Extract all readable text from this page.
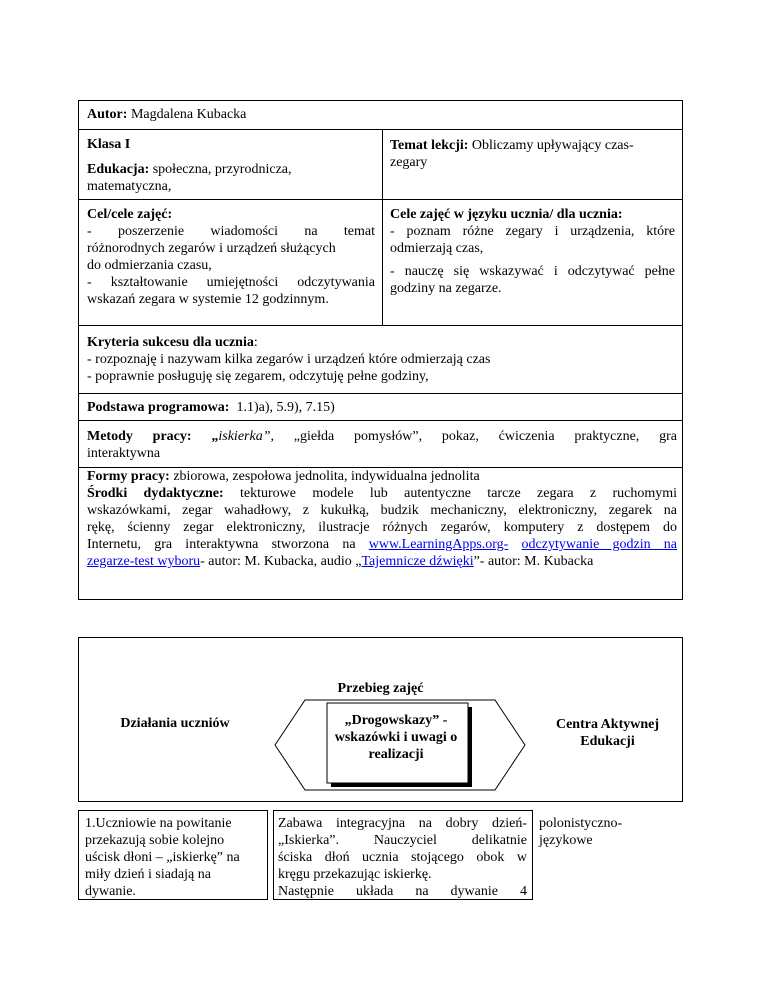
Autor: Magdalena Kubacka
Klasa I
Edukacja: społeczna, przyrodnicza, matematyczna,
Temat lekcji: Obliczamy upływający czas- zegary
Cel/cele zajęć:
- poszerzenie wiadomości na temat
różnorodnych zegarów i urządzeń służących
do odmierzania czasu,
- kształtowanie umiejętności odczytywania
wskazań zegara w systemie 12 godzinnym.
Cele zajęć w języku ucznia/ dla ucznia:
- poznam różne zegary i urządzenia, które
odmierzają czas,
- nauczę się wskazywać i odczytywać pełne
godziny na zegarze.
Kryteria sukcesu dla ucznia:
- rozpoznaję i nazywam kilka zegarów i urządzeń które odmierzają czas
- poprawnie posługuję się zegarem, odczytuję pełne godziny,
Podstawa programowa: 1.1)a), 5.9), 7.15)
Metody pracy: „iskierka”, „giełda pomysłów”, pokaz, ćwiczenia praktyczne, gra
interaktywna
Formy pracy: zbiorowa, zespołowa jednolita, indywidualna jednolita
Środki dydaktyczne: tekturowe modele lub autentyczne tarcze zegara z ruchomymi
wskazówkami, zegar wahadłowy, z kukułką, budzik mechaniczny, elektroniczny, zegarek na
rękę, ścienny zegar elektroniczny, ilustracje różnych zegarów, komputery z dostępem do
Internetu, gra interaktywna stworzona na www.LearningApps.org- odczytywanie godzin na
zegarze-test wyboru- autor: M. Kubacka, audio „Tajemnicze dźwięki”- autor: M. Kubacka
Przebieg zajęć
Działania uczniów	„Drogowskazy” -wskazówki i uwagi o realizacji
Centra Aktywnej
Edukacji
1.Uczniowie na powitanie
przekazują sobie kolejno
uścisk dłoni – „iskierkę” na
miły dzień i siadają na
dywanie.
Zabawa integracyjna na dobry dzień-
„Iskierka”. Nauczyciel delikatnie
ściska dłoń ucznia stojącego obok w
kręgu przekazując iskierkę.
Następnie układa na dywanie 4
polonistyczno-
językowe
